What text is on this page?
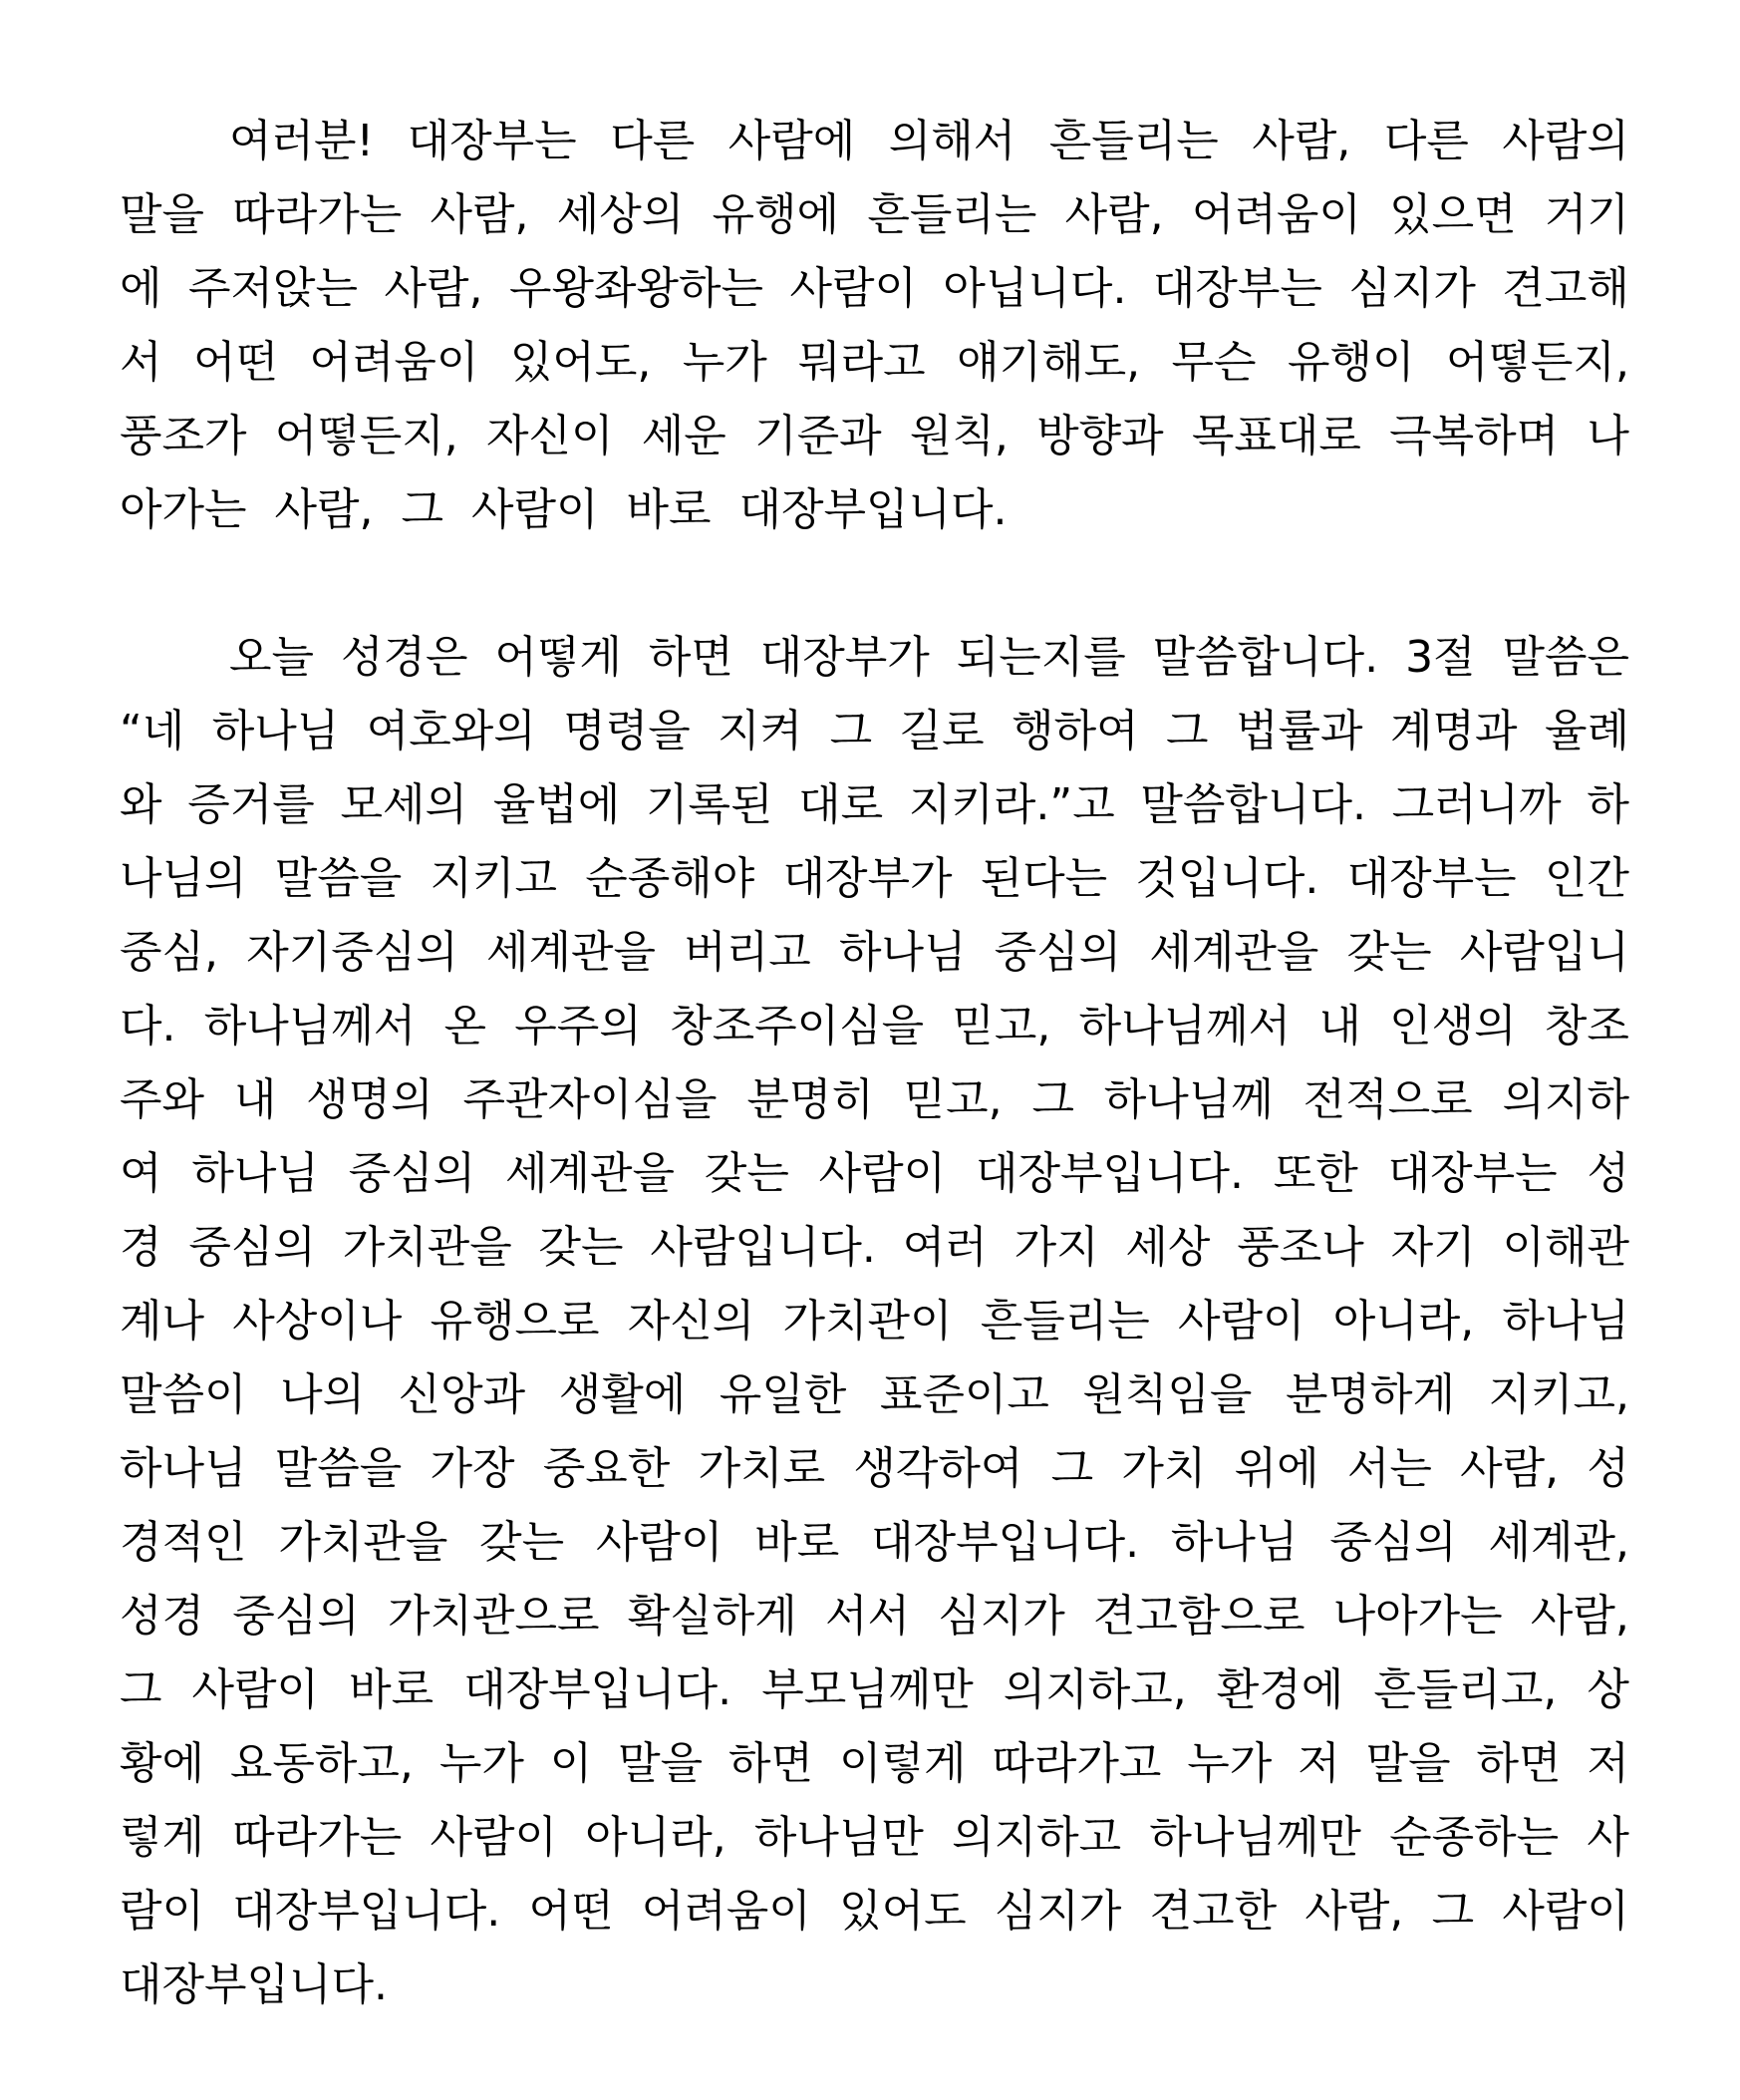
여러분! 대장부는 다른 사람에 의해서 흔들리는 사람, 다른 사람의
말을 따라가는 사람, 세상의 유행에 흔들리는 사람, 어려움이 있으면 거기
에 주저앉는 사람, 우왕좌왕하는 사람이 아닙니다. 대장부는 심지가 견고해
서 어떤 어려움이 있어도, 누가 뭐라고 얘기해도, 무슨 유행이 어떻든지,
풍조가 어떻든지, 자신이 세운 기준과 원칙, 방향과 목표대로 극복하며 나
아가는 사람, 그 사람이 바로 대장부입니다.
오늘 성경은 어떻게 하면 대장부가 되는지를 말씀합니다. 3절 말씀은
“네 하나님 여호와의 명령을 지켜 그 길로 행하여 그 법률과 계명과 율례
와 증거를 모세의 율법에 기록된 대로 지키라.”고 말씀합니다. 그러니까 하
나님의 말씀을 지키고 순종해야 대장부가 된다는 것입니다. 대장부는 인간
중심, 자기중심의 세계관을 버리고 하나님 중심의 세계관을 갖는 사람입니
다. 하나님께서 온 우주의 창조주이심을 믿고, 하나님께서 내 인생의 창조
주와 내 생명의 주관자이심을 분명히 믿고, 그 하나님께 전적으로 의지하
여 하나님 중심의 세계관을 갖는 사람이 대장부입니다. 또한 대장부는 성
경 중심의 가치관을 갖는 사람입니다. 여러 가지 세상 풍조나 자기 이해관
계나 사상이나 유행으로 자신의 가치관이 흔들리는 사람이 아니라, 하나님
말씀이 나의 신앙과 생활에 유일한 표준이고 원칙임을 분명하게 지키고,
하나님 말씀을 가장 중요한 가치로 생각하여 그 가치 위에 서는 사람, 성
경적인 가치관을 갖는 사람이 바로 대장부입니다. 하나님 중심의 세계관,
성경 중심의 가치관으로 확실하게 서서 심지가 견고함으로 나아가는 사람,
그 사람이 바로 대장부입니다. 부모님께만 의지하고, 환경에 흔들리고, 상
황에 요동하고, 누가 이 말을 하면 이렇게 따라가고 누가 저 말을 하면 저
렇게 따라가는 사람이 아니라, 하나님만 의지하고 하나님께만 순종하는 사
람이 대장부입니다. 어떤 어려움이 있어도 심지가 견고한 사람, 그 사람이
대장부입니다.
